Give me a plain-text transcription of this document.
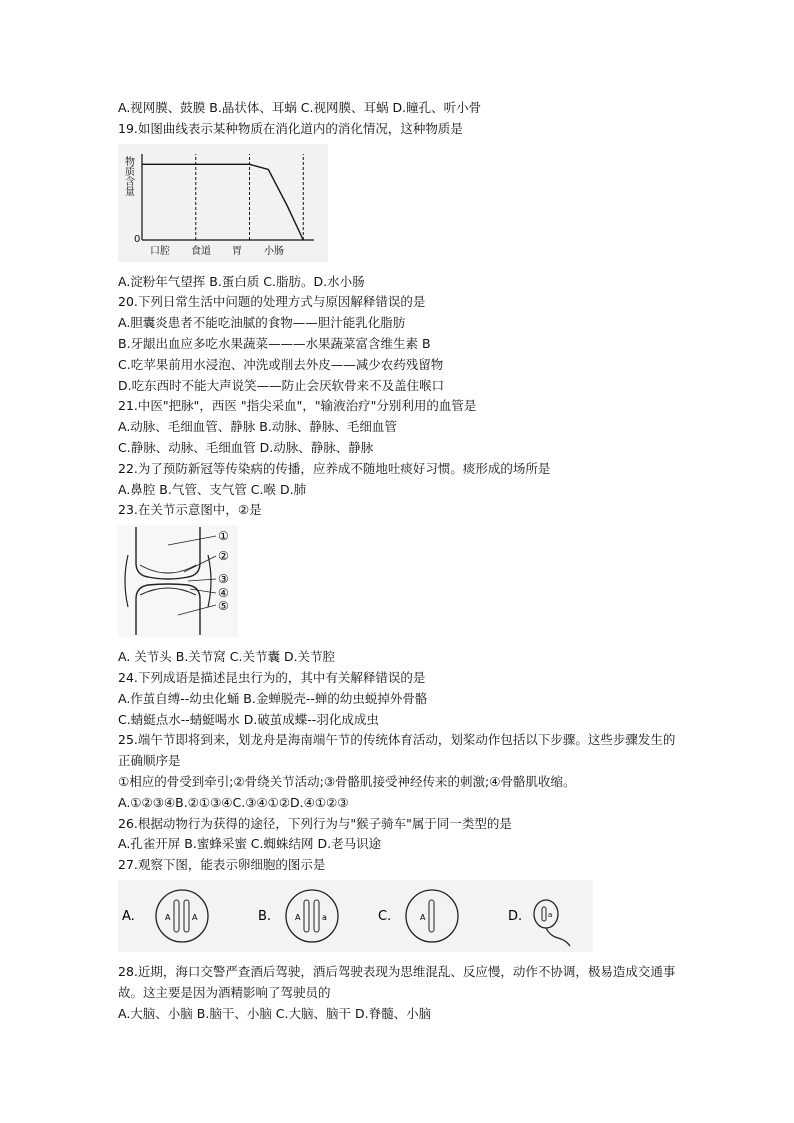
A.视网膜、鼓膜 B.晶状体、耳蜗 C.视网膜、耳蜗 D.瞳孔、听小骨
19.如图曲线表示某种物质在消化道内的消化情况，这种物质是
物质含量
0
口腔 食道 胃 小肠
A.淀粉年气望挥 B.蛋白质 C.脂肪。D.水小肠
20.下列日常生活中问题的处理方式与原因解释错误的是
A.胆囊炎患者不能吃油腻的食物——胆汁能乳化脂肪
B.牙龈出血应多吃水果蔬菜———水果蔬菜富含维生素 B
C.吃苹果前用水浸泡、冲洗或削去外皮——减少农药残留物
D.吃东西时不能大声说笑——防止会厌软骨来不及盖住喉口
21.中医"把脉"，西医 "指尖采血"，"输液治疗"分别利用的血管是
A.动脉、毛细血管、静脉 B.动脉、静脉、毛细血管
C.静脉、动脉、毛细血管 D.动脉、静脉、静脉
22.为了预防新冠等传染病的传播，应养成不随地吐痰好习惯。痰形成的场所是
A.鼻腔 B.气管、支气管 C.喉 D.肺
23.在关节示意图中，②是
①
②
③
④
⑤
A. 关节头 B.关节窝 C.关节囊 D.关节腔
24.下列成语是描述昆虫行为的，其中有关解释错误的是
A.作茧自缚--幼虫化蛹 B.金蝉脱壳--蝉的幼虫蜕掉外骨骼
C.蜻蜓点水--蜻蜓喝水 D.破茧成蝶--羽化成成虫
25.端午节即将到来，划龙舟是海南端午节的传统体育活动，划桨动作包括以下步骤。这些步骤发生的正确顺序是
①相应的骨受到牵引;②骨绕关节活动;③骨骼肌接受神经传来的刺激;④骨骼肌收缩。
A.①②③④B.②①③④C.③④①②D.④①②③
26.根据动物行为获得的途径，下列行为与"猴子骑车"属于同一类型的是
A.孔雀开屏 B.蜜蜂采蜜 C.蜘蛛结网 D.老马识途
27.观察下图，能表示卵细胞的图示是
A.	A	A	B.	A	a	C.	A	D.	a
28.近期，海口交警严查酒后驾驶，酒后驾驶表现为思维混乱、反应慢，动作不协调，极易造成交通事故。这主要是因为酒精影响了驾驶员的
A.大脑、小脑 B.脑干、小脑 C.大脑、脑干 D.脊髓、小脑
